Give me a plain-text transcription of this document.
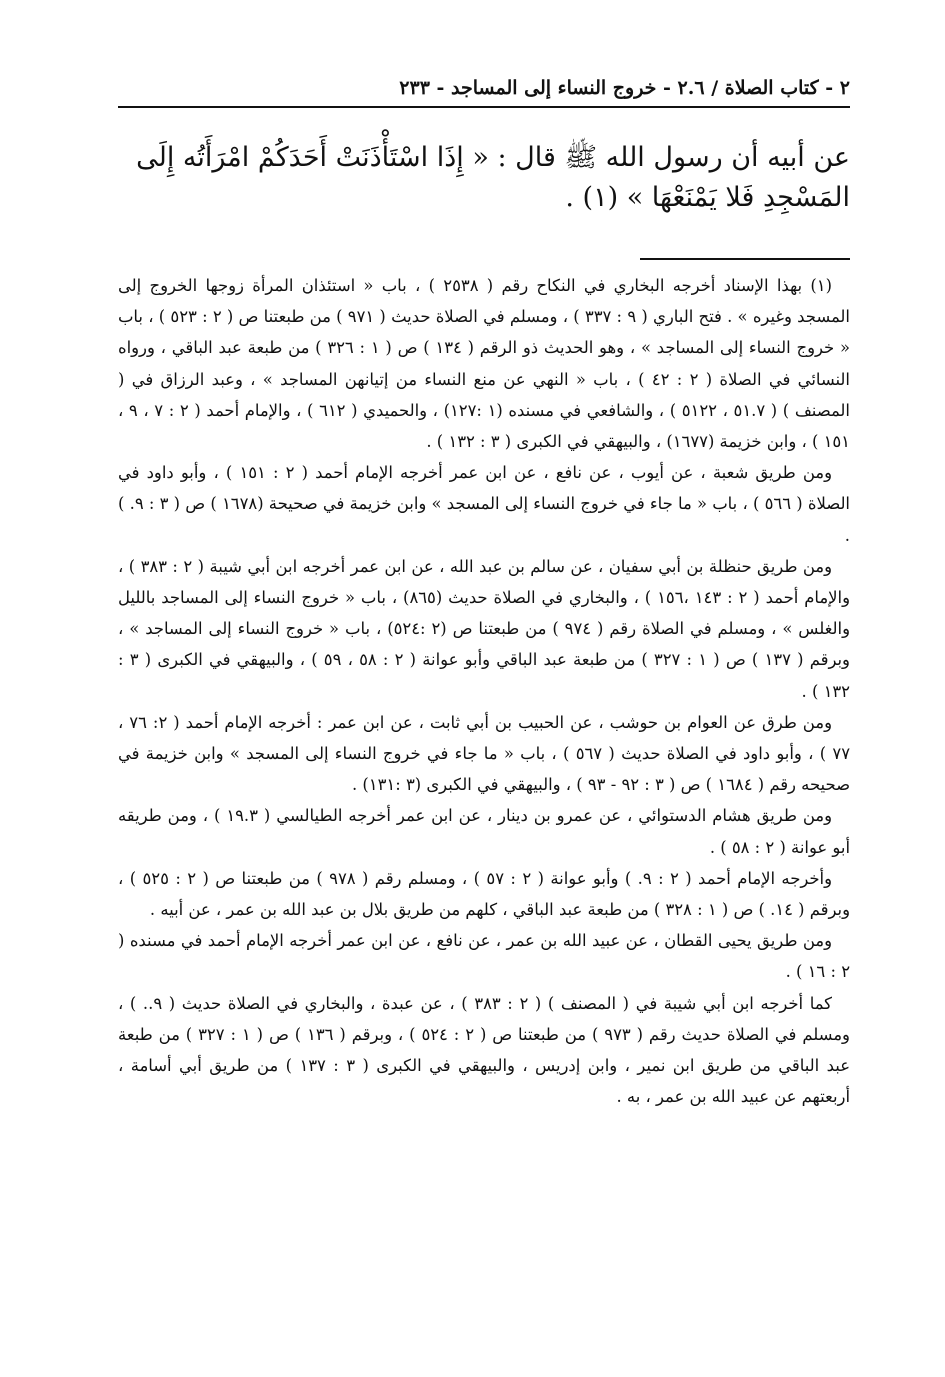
٢ - كتاب الصلاة / ٢.٦ - خروج النساء إلى المساجد - ٢٣٣
عن أبيه أن رسول الله ﷺ قال : « إِذَا اسْتَأْذَنَتْ أَحَدَكُمْ امْرَأَتُه إِلَى المَسْجِدِ فَلا يَمْنَعْهَا » (١) .

(١) بهذا الإسناد أخرجه البخاري في النكاح رقم ( ٢٥٣٨ ) ، باب « استئذان المرأة زوجها الخروج إلى المسجد وغيره » . فتح الباري ( ٩ : ٣٣٧ ) ، ومسلم في الصلاة حديث ( ٩٧١ ) من طبعتنا ص ( ٢ : ٥٢٣ ) ، باب « خروج النساء إلى المساجد » ، وهو الحديث ذو الرقم ( ١٣٤ ) ص ( ١ : ٣٢٦ ) من طبعة عبد الباقي ، ورواه النسائي في الصلاة ( ٢ : ٤٢ ) ، باب « النهي عن منع النساء من إتيانهن المساجد » ، وعبد الرزاق في ( المصنف ) ( ٥١.٧ ، ٥١٢٢ ) ، والشافعي في مسنده (١ :١٢٧) ، والحميدي ( ٦١٢ ) ، والإمام أحمد ( ٢ : ٧ ، ٩ ، ١٥١ ) ، وابن خزيمة (١٦٧٧) ، والبيهقي في الكبرى ( ٣ : ١٣٢ ) .

ومن طريق شعبة ، عن أيوب ، عن نافع ، عن ابن عمر أخرجه الإمام أحمد ( ٢ : ١٥١ ) ، وأبو داود في الصلاة ( ٥٦٦ ) ، باب « ما جاء في خروج النساء إلى المسجد » وابن خزيمة في صحيحة (١٦٧٨ ) ص ( ٣ : ٩. ) .

ومن طريق حنظلة بن أبي سفيان ، عن سالم بن عبد الله ، عن ابن عمر أخرجه ابن أبي شيبة ( ٢ : ٣٨٣ ) ، والإمام أحمد ( ٢ : ١٤٣ ،١٥٦ ) ، والبخاري في الصلاة حديث (٨٦٥) ، باب « خروج النساء إلى المساجد بالليل والغلس » ، ومسلم في الصلاة رقم ( ٩٧٤ ) من طبعتنا ص (٢ :٥٢٤) ، باب « خروج النساء إلى المساجد » ، وبرقم ( ١٣٧ ) ص ( ١ : ٣٢٧ ) من طبعة عبد الباقي وأبو عوانة ( ٢ : ٥٨ ، ٥٩ ) ، والبيهقي في الكبرى ( ٣ : ١٣٢ ) .

ومن طرق عن العوام بن حوشب ، عن الحبيب بن أبي ثابت ، عن ابن عمر : أخرجه الإمام أحمد ( ٢: ٧٦ ، ٧٧ ) ، وأبو داود في الصلاة حديث ( ٥٦٧ ) ، باب « ما جاء في خروج النساء إلى المسجد » وابن خزيمة في صحيحه رقم ( ١٦٨٤ ) ص ( ٣ : ٩٢ - ٩٣ ) ، والبيهقي في الكبرى (٣ :١٣١) .

ومن طريق هشام الدستوائي ، عن عمرو بن دينار ، عن ابن عمر أخرجه الطيالسي ( ١٩.٣ ) ، ومن طريقه أبو عوانة ( ٢ : ٥٨ ) .

وأخرجه الإمام أحمد ( ٢ : ٩. ) وأبو عوانة ( ٢ : ٥٧ ) ، ومسلم رقم ( ٩٧٨ ) من طبعتنا ص ( ٢ : ٥٢٥ ) ، وبرقم ( ١٤. ) ص ( ١ : ٣٢٨ ) من طبعة عبد الباقي ، كلهم من طريق بلال بن عبد الله بن عمر ، عن أبيه .

ومن طريق يحيى القطان ، عن عبيد الله بن عمر ، عن نافع ، عن ابن عمر أخرجه الإمام أحمد في مسنده ( ٢ : ١٦ ) .

كما أخرجه ابن أبي شيبة في ( المصنف ) ( ٢ : ٣٨٣ ) ، عن عبدة ، والبخاري في الصلاة حديث ( ٩.. ) ، ومسلم في الصلاة حديث رقم ( ٩٧٣ ) من طبعتنا ص ( ٢ : ٥٢٤ ) ، وبرقم ( ١٣٦ ) ص ( ١ : ٣٢٧ ) من طبعة عبد الباقي من طريق ابن نمير ، وابن إدريس ، والبيهقي في الكبرى ( ٣ : ١٣٧ ) من طريق أبي أسامة ، أربعتهم عن عبيد الله بن عمر ، به .
